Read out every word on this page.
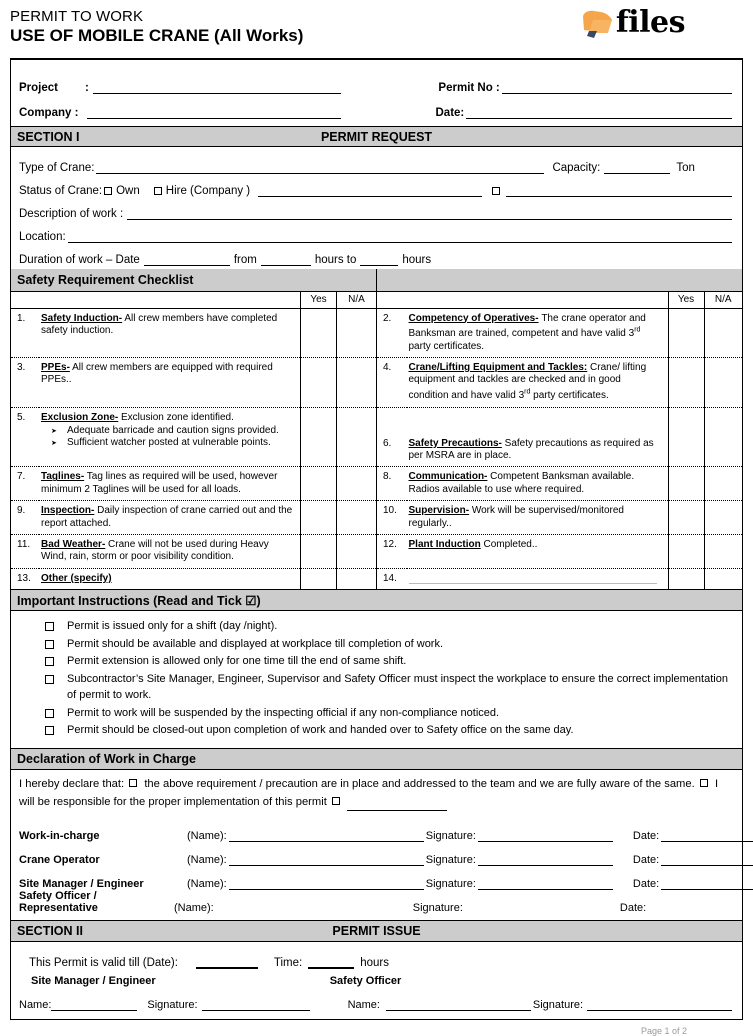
PERMIT TO WORK
USE OF MOBILE CRANE (All Works)	files
Project	:	Permit No :
Company :	Date:
SECTION I	PERMIT REQUEST
Type of Crane:	Capacity:	Ton
Status of Crane: Own Hire (Company )
Description of work :
Location:
Duration of work – Date	from	hours to	hours
Safety Requirement Checklist							
		Yes	N/A			Yes	N/A
1.	Safety Induction- All crew members have completed safety induction.			2.	Competency of Operatives- The crane operator and Banksman are trained, competent and have valid 3rd party certificates.		
3.	PPEs- All crew members are equipped with required PPEs..			4.	Crane/Lifting Equipment and Tackles: Crane/ lifting equipment and tackles are checked and in good condition and have valid 3rd party certificates.		
5.	Exclusion Zone- Exclusion zone identified.
➤ Adequate barricade and caution signs provided.
➤ Sufficient watcher posted at vulnerable points.			6.	Safety Precautions- Safety precautions as required as per MSRA are in place.		
7.	Taglines- Tag lines as required will be used, however minimum 2 Taglines will be used for all loads.			8.	Communication- Competent Banksman available. Radios available to use where required.		
9.	Inspection- Daily inspection of crane carried out and the report attached.			10.	Supervision- Work will be supervised/monitored regularly..		
11.	Bad Weather- Crane will not be used during Heavy Wind, rain, storm or poor visibility condition.			12.	Plant Induction Completed..		
13.	Other (specify)			14.	

Important Instructions (Read and Tick ☑)
Permit is issued only for a shift (day /night).
Permit should be available and displayed at workplace till completion of work.
Permit extension is allowed only for one time till the end of same shift.
Subcontractor’s Site Manager, Engineer, Supervisor and Safety Officer must inspect the workplace to ensure the correct implementation of permit to work.
Permit to work will be suspended by the inspecting official if any non-compliance noticed.
Permit should be closed-out upon completion of work and handed over to Safety office on the same day.
Declaration of Work in Charge
I hereby declare that: the above requirement / precaution are in place and addressed to the team and we are fully aware of the same. I will be responsible for the proper implementation of this permit
Work-in-charge	(Name):	Signature:	Date:
Crane Operator	(Name):	Signature:	Date:
Site Manager / Engineer	(Name):	Signature:	Date:
Safety Officer / Representative	(Name):	Signature:	Date:
SECTION II	PERMIT ISSUE
This Permit is valid till (Date):	Time:	hours
Site Manager / Engineer	Safety Officer
Name:	Signature:	Name:	Signature:
Page 1 of 2
